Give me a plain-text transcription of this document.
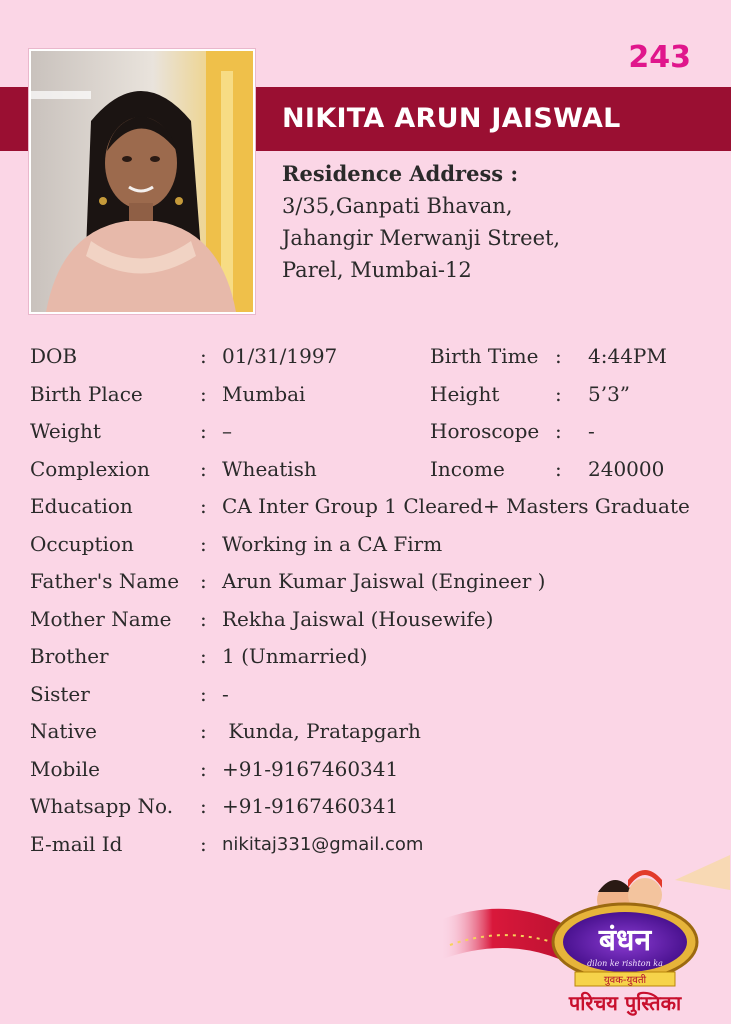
243
NIKITA ARUN JAISWAL
Residence Address :
3/35,Ganpati Bhavan,
Jahangir Merwanji Street,
Parel, Mumbai-12
DOB	: 01/31/1997	Birth Time : 4:44PM
Birth Place	: Mumbai	Height	: 5’3”
Weight	: –	Horoscope : -
Complexion	: Wheatish	Income	: 240000
Education	: CA Inter Group 1 Cleared+ Masters Graduate
Occuption	: Working in a CA Firm
Father's Name : Arun Kumar Jaiswal (Engineer )
Mother Name : Rekha Jaiswal (Housewife)
Brother	: 1 (Unmarried)
Sister	: -
Native	: Kunda, Pratapgarh
Mobile	: +91-9167460341
Whatsapp No. : +91-9167460341
E-mail Id	: nikitaj331@gmail.com
बंधन
dilon ke rishton ka
युवक-युवती
परिचय पुस्तिका
